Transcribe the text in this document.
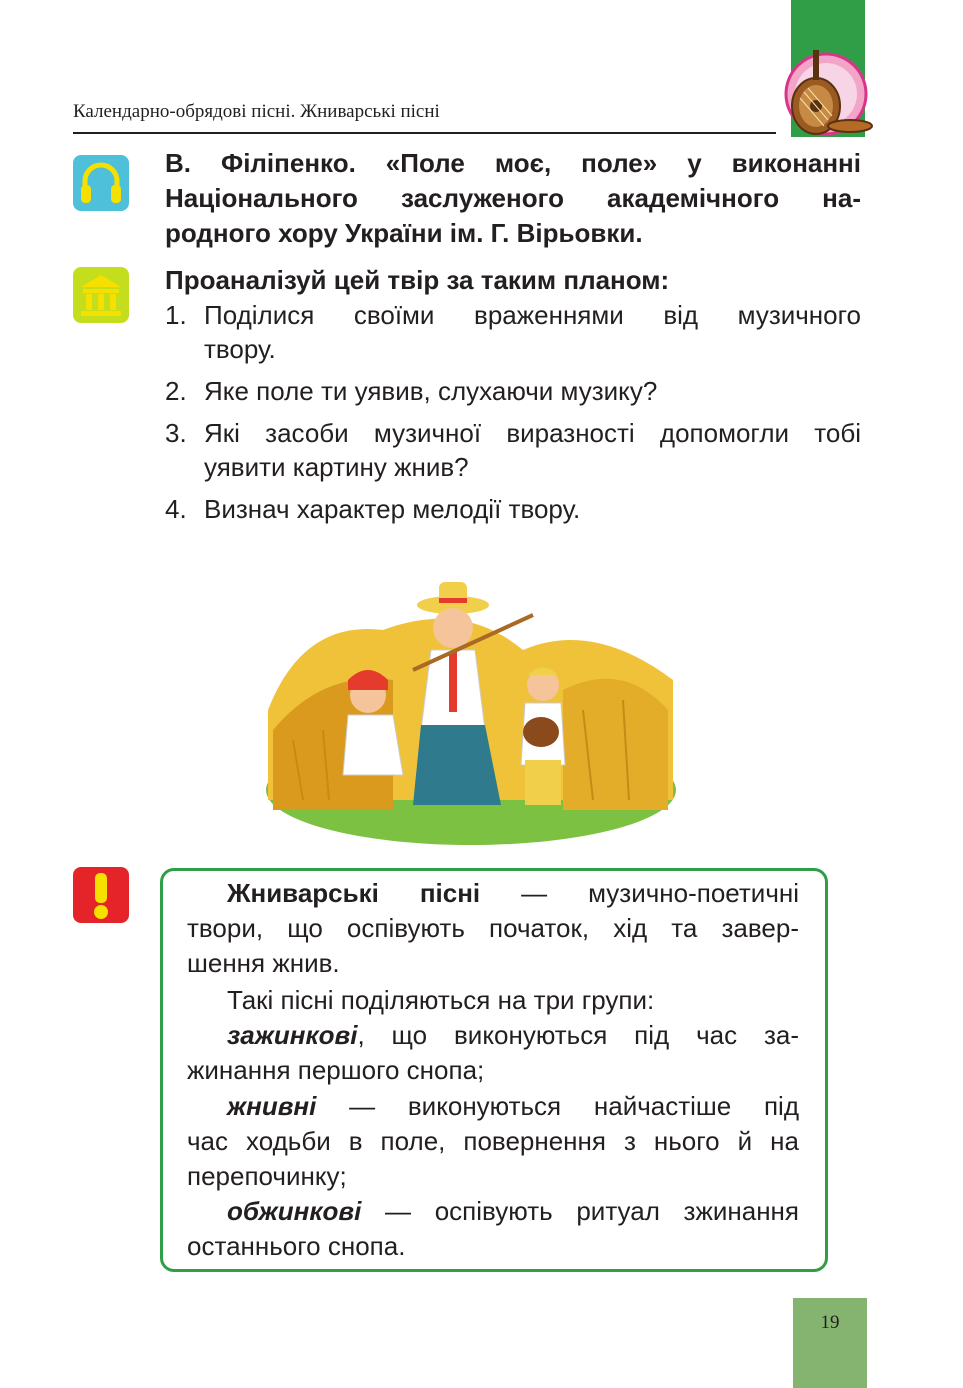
Календарно-обрядові пісні. Жниварські пісні
В. Філіпенко. «Поле моє, поле» у виконанні
Національного заслуженого академічного на-
родного хору України ім. Г. Вірьовки.
Проаналізуй цей твір за таким планом:
1. Поділися своїми враженнями від музичного
твору.
2. Яке поле ти уявив, слухаючи музику?
3. Які засоби музичної виразності допомогли тобі
уявити картину жнив?
4. Визнач характер мелодії твору.
Жниварські пісні — музично-поетичні
твори, що оспівують початок, хід та завер-
шення жнив.
Такі пісні поділяються на три групи:
зажинкові, що виконуються під час за-
жинання першого снопа;
жнивні — виконуються найчастіше під
час ходьби в поле, повернення з нього й на
перепочинку;
обжинкові — оспівують ритуал зжинання
останнього снопа.
19
